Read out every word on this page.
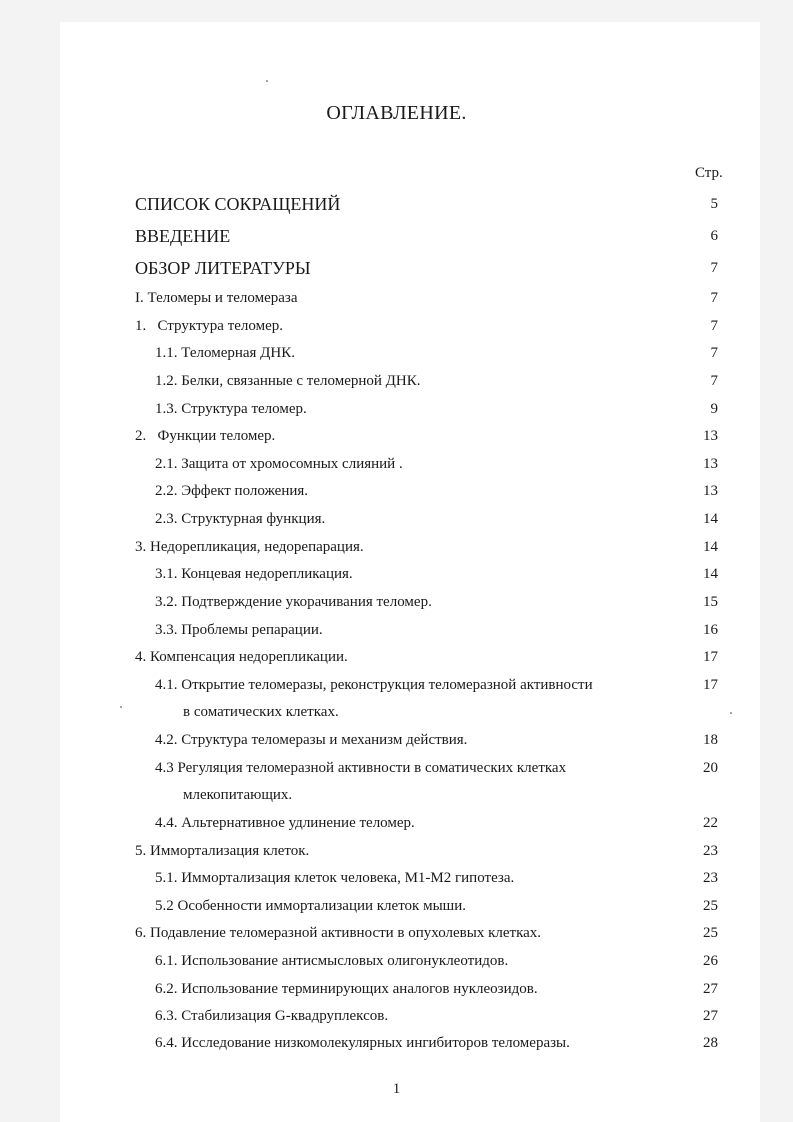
ОГЛАВЛЕНИЕ.
Стр.
СПИСОК СОКРАЩЕНИЙ	5
ВВЕДЕНИЕ	6
ОБЗОР ЛИТЕРАТУРЫ	7
I. Теломеры и теломераза	7
1.   Структура теломер.	7
1.1. Теломерная ДНК.	7
1.2. Белки, связанные с теломерной ДНК.	7
1.3. Структура теломер.	9
2.   Функции теломер.	13
2.1. Защита от хромосомных слияний .	13
2.2. Эффект положения.	13
2.3. Структурная функция.	14
3. Недорепликация, недорепарация.	14
3.1. Концевая недорепликация.	14
3.2. Подтверждение укорачивания теломер.	15
3.3. Проблемы репарации.	16
4. Компенсация недорепликации.	17
4.1. Открытие теломеразы, реконструкция теломеразной активности	17
в соматических клетках.
4.2. Структура теломеразы и механизм действия.	18
4.3 Регуляция теломеразной активности в соматических клетках	20
млекопитающих.
4.4. Альтернативное удлинение теломер.	22
5. Иммортализация клеток.	23
5.1. Иммортализация клеток человека, М1-М2 гипотеза.	23
5.2 Особенности иммортализации клеток мыши.	25
6. Подавление теломеразной активности в опухолевых клетках.	25
6.1. Использование антисмысловых олигонуклеотидов.	26
6.2. Использование терминирующих аналогов нуклеозидов.	27
6.3. Стабилизация G-квадруплексов.	27
6.4. Исследование низкомолекулярных ингибиторов теломеразы.	28
1
